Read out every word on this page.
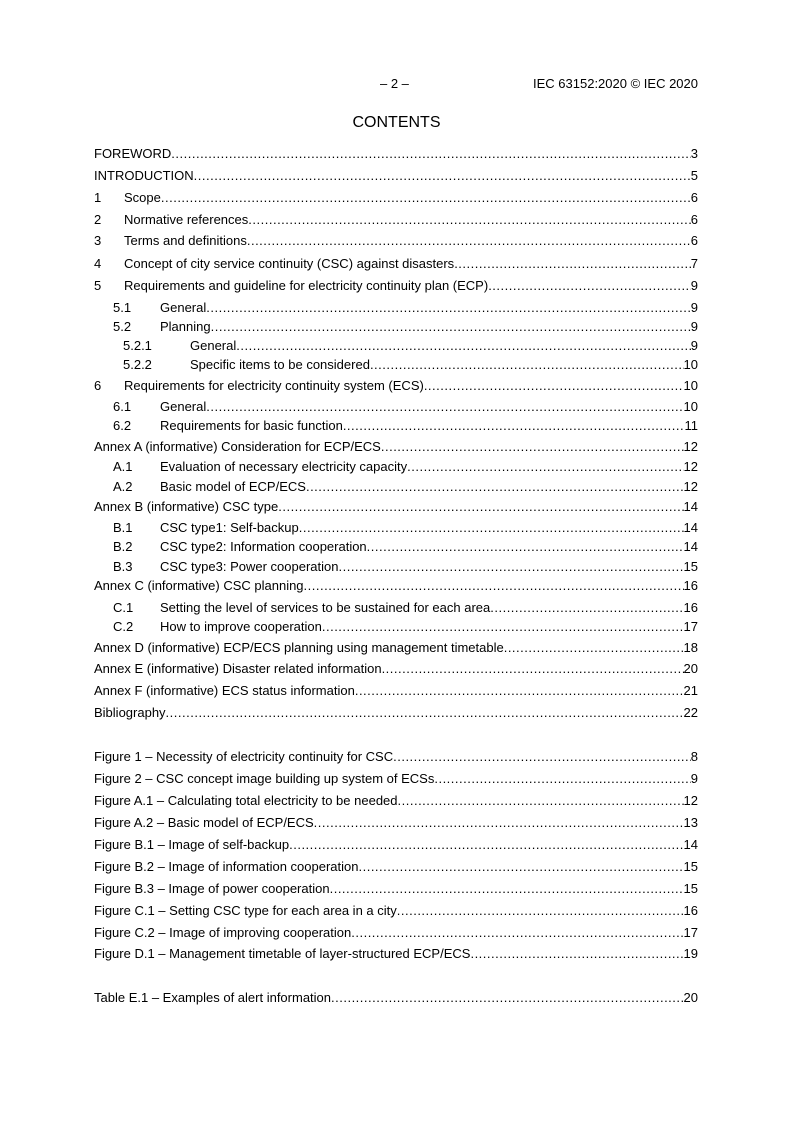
– 2 –	IEC 63152:2020 © IEC 2020
CONTENTS
FOREWORD .....	3
INTRODUCTION .....	5
1	Scope .....	6
2	Normative references .....	6
3	Terms and definitions .....	6
4	Concept of city service continuity (CSC) against disasters .....	7
5	Requirements and guideline for electricity continuity plan (ECP) .....	9
5.1	General .....	9
5.2	Planning .....	9
5.2.1	General .....	9
5.2.2	Specific items to be considered .....	10
6	Requirements for electricity continuity system (ECS) .....	10
6.1	General .....	10
6.2	Requirements for basic function .....	11
Annex A (informative) Consideration for ECP/ECS .....	12
A.1	Evaluation of necessary electricity capacity .....	12
A.2	Basic model of ECP/ECS .....	12
Annex B (informative) CSC type .....	14
B.1	CSC type1: Self-backup .....	14
B.2	CSC type2: Information cooperation .....	14
B.3	CSC type3: Power cooperation .....	15
Annex C (informative) CSC planning .....	16
C.1	Setting the level of services to be sustained for each area .....	16
C.2	How to improve cooperation .....	17
Annex D (informative) ECP/ECS planning using management timetable .....	18
Annex E (informative) Disaster related information .....	20
Annex F (informative) ECS status information .....	21
Bibliography .....	22
Figure 1 – Necessity of electricity continuity for CSC .....	8
Figure 2 – CSC concept image building up system of ECSs .....	9
Figure A.1 – Calculating total electricity to be needed .....	12
Figure A.2 – Basic model of ECP/ECS .....	13
Figure B.1 – Image of self-backup .....	14
Figure B.2 – Image of information cooperation .....	15
Figure B.3 – Image of power cooperation .....	15
Figure C.1 – Setting CSC type for each area in a city .....	16
Figure C.2 – Image of improving cooperation .....	17
Figure D.1 – Management timetable of layer-structured ECP/ECS .....	19
Table E.1 – Examples of alert information .....	20
